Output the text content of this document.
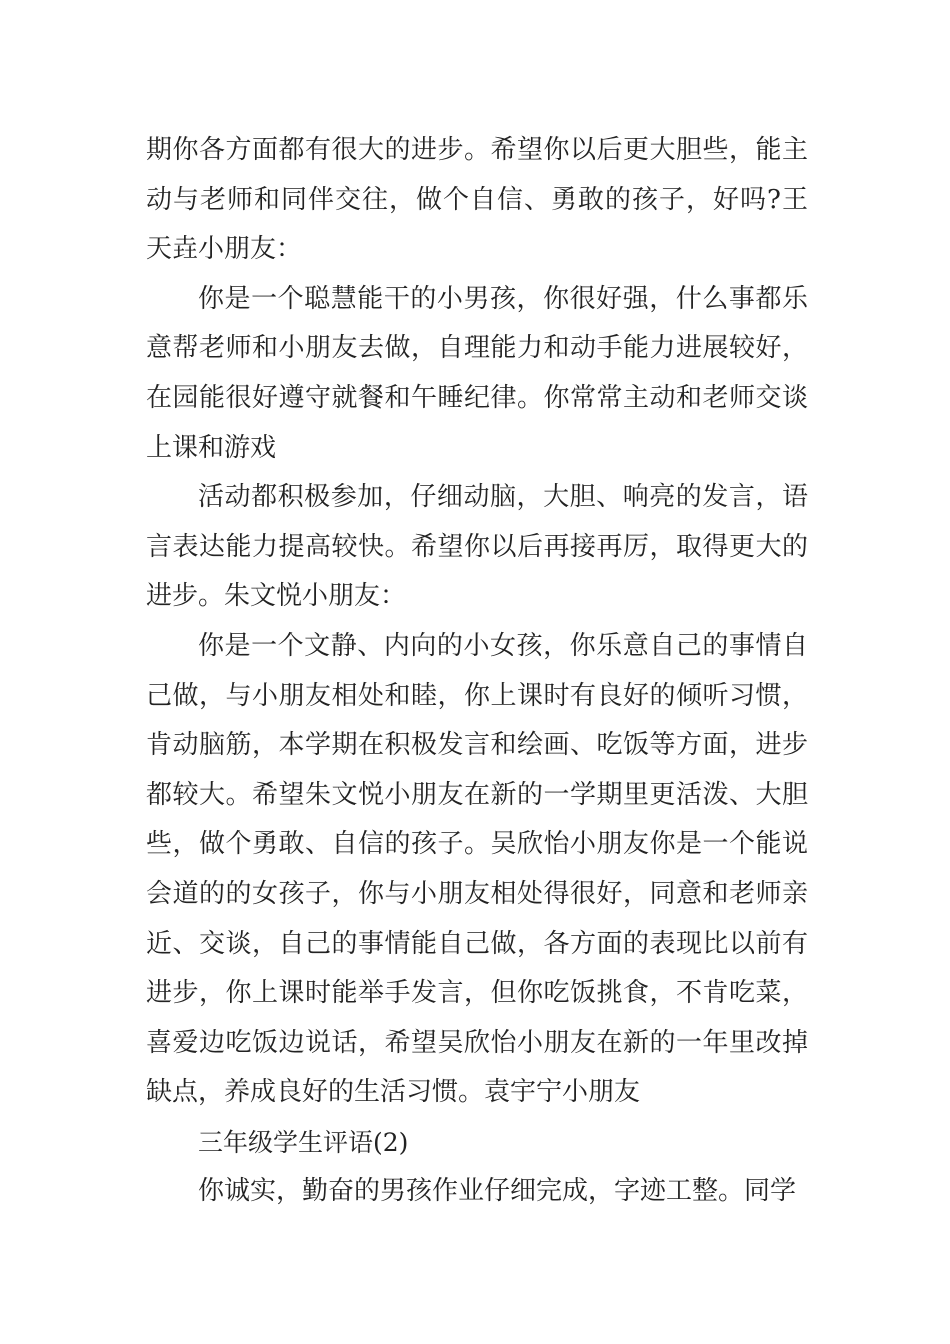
期你各方面都有很大的进步。希望你以后更大胆些，能主动与老师和同伴交往，做个自信、勇敢的孩子，好吗?王天垚小朋友：

你是一个聪慧能干的小男孩，你很好强，什么事都乐意帮老师和小朋友去做，自理能力和动手能力进展较好，在园能很好遵守就餐和午睡纪律。你常常主动和老师交谈上课和游戏

活动都积极参加，仔细动脑，大胆、响亮的发言，语言表达能力提高较快。希望你以后再接再厉，取得更大的进步。朱文悦小朋友：

你是一个文静、内向的小女孩，你乐意自己的事情自己做，与小朋友相处和睦，你上课时有良好的倾听习惯，肯动脑筋，本学期在积极发言和绘画、吃饭等方面，进步都较大。希望朱文悦小朋友在新的一学期里更活泼、大胆些，做个勇敢、自信的孩子。吴欣怡小朋友你是一个能说会道的的女孩子，你与小朋友相处得很好，同意和老师亲近、交谈，自己的事情能自己做，各方面的表现比以前有进步，你上课时能举手发言，但你吃饭挑食，不肯吃菜，喜爱边吃饭边说话，希望吴欣怡小朋友在新的一年里改掉缺点，养成良好的生活习惯。袁宇宁小朋友

三年级学生评语(2)

你诚实，勤奋的男孩作业仔细完成，字迹工整。同学
